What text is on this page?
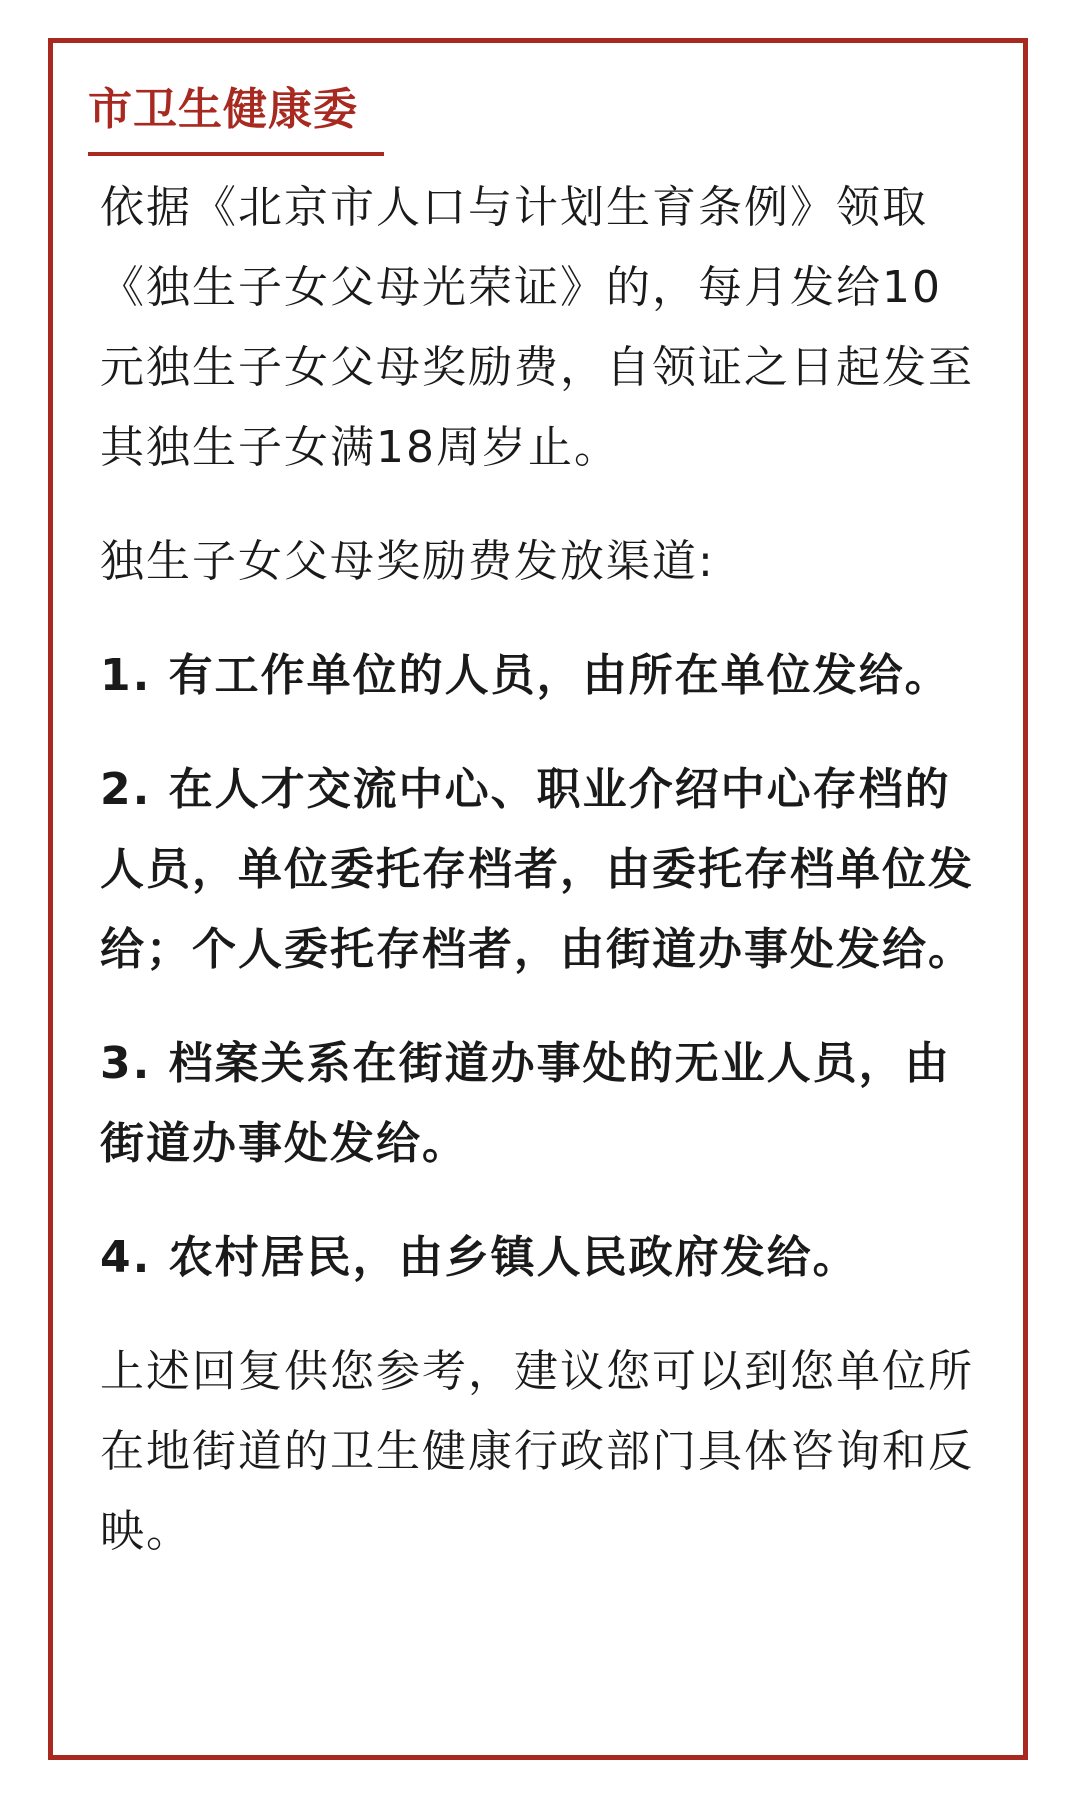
市卫生健康委

依据《北京市人口与计划生育条例》领取《独生子女父母光荣证》的，每月发给10元独生子女父母奖励费，自领证之日起发至其独生子女满18周岁止。

独生子女父母奖励费发放渠道:

1. 有工作单位的人员，由所在单位发给。

2. 在人才交流中心、职业介绍中心存档的人员，单位委托存档者，由委托存档单位发给；个人委托存档者，由街道办事处发给。

3. 档案关系在街道办事处的无业人员，由街道办事处发给。

4. 农村居民，由乡镇人民政府发给。

上述回复供您参考，建议您可以到您单位所在地街道的卫生健康行政部门具体咨询和反映。
